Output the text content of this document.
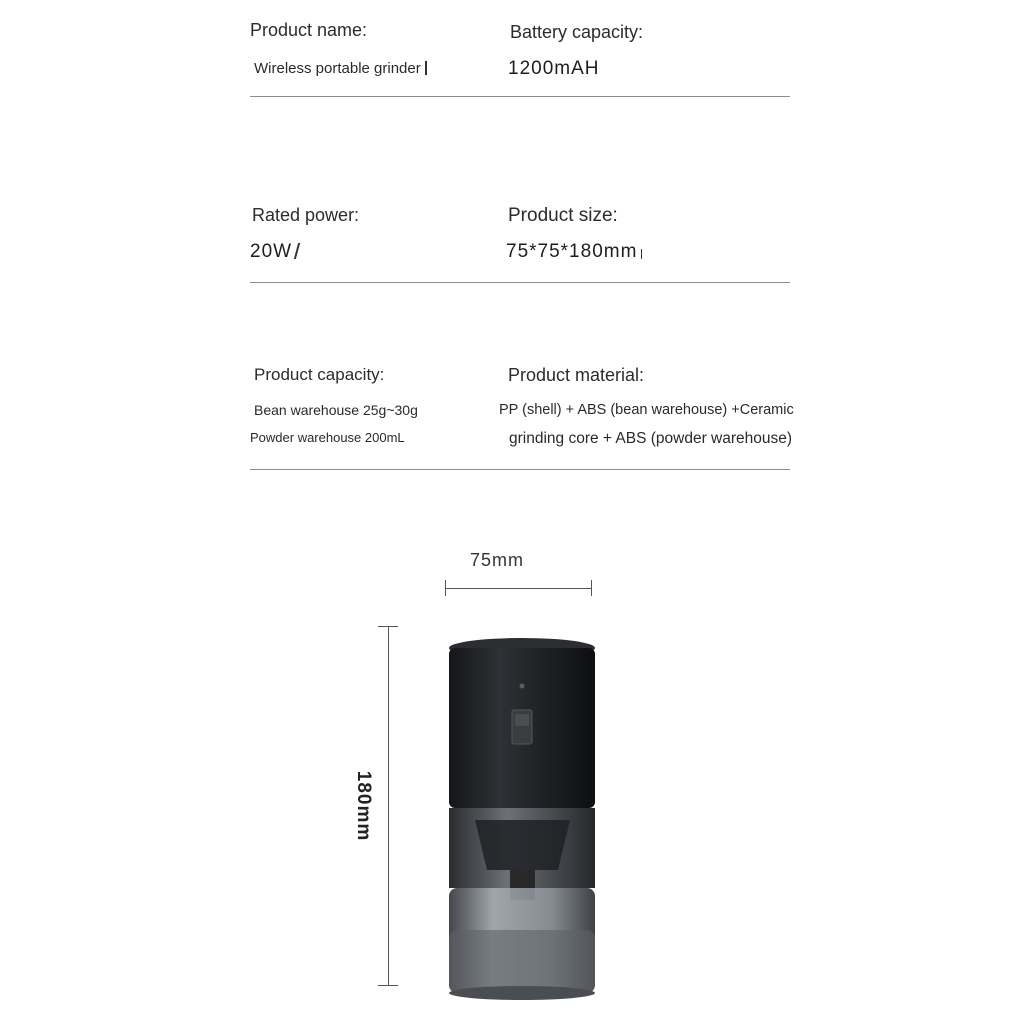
Product name:
Wireless portable grinder
Battery capacity:
1200mAH
Rated power:
20W
Product size:
75*75*180mm
Product capacity:
Bean warehouse 25g~30g
Powder warehouse 200mL
Product material:
PP (shell) + ABS (bean warehouse) +Ceramic
grinding core + ABS (powder warehouse)
75mm
180mm
